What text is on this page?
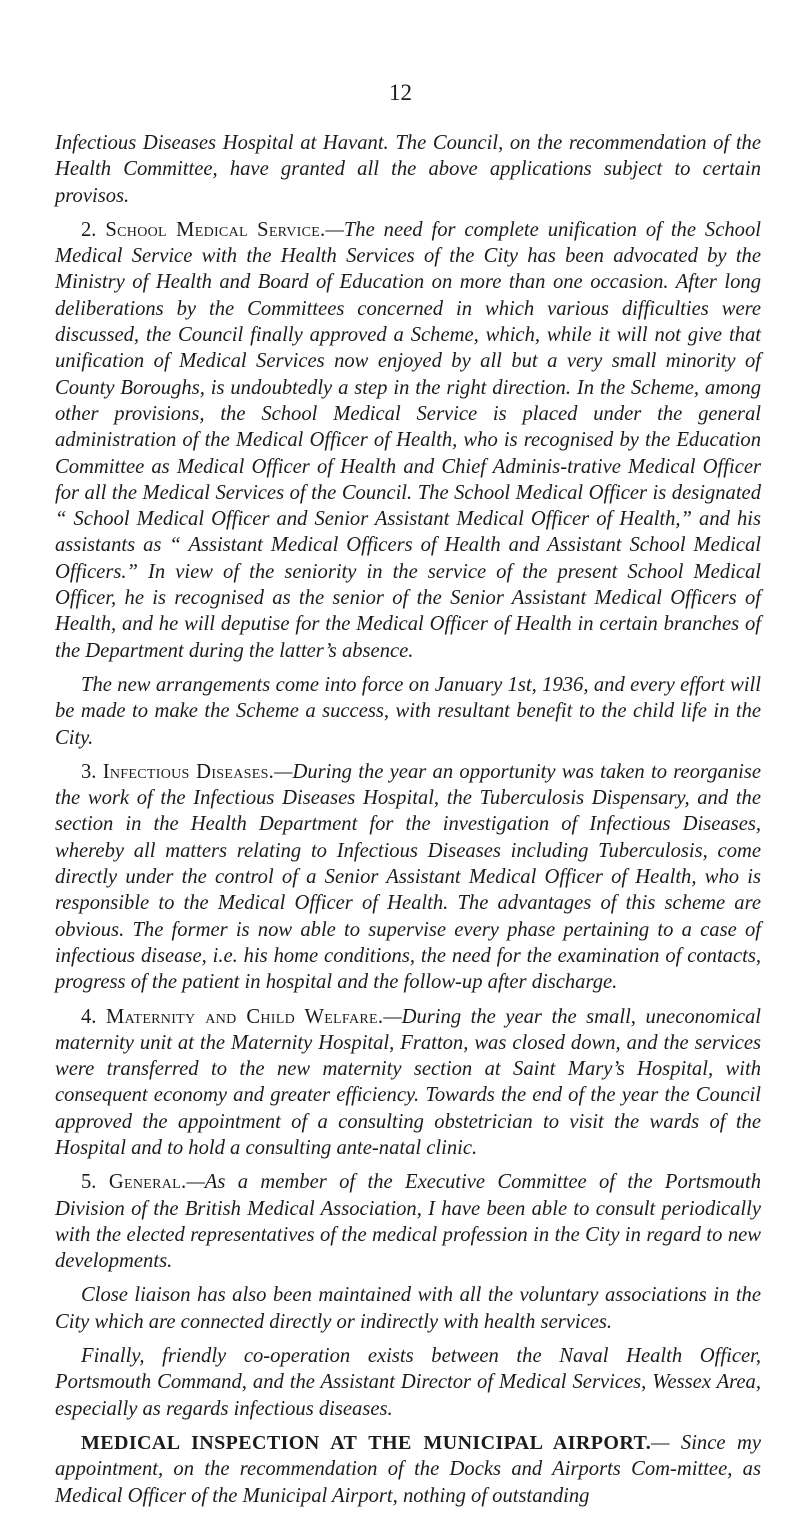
12

Infectious Diseases Hospital at Havant. The Council, on the recommendation of the Health Committee, have granted all the above applications subject to certain provisos.

2. School Medical Service.—The need for complete unification of the School Medical Service with the Health Services of the City has been advocated by the Ministry of Health and Board of Education on more than one occasion. After long deliberations by the Committees concerned in which various difficulties were discussed, the Council finally approved a Scheme, which, while it will not give that unification of Medical Services now enjoyed by all but a very small minority of County Boroughs, is undoubtedly a step in the right direction. In the Scheme, among other provisions, the School Medical Service is placed under the general administration of the Medical Officer of Health, who is recognised by the Education Committee as Medical Officer of Health and Chief Adminis-trative Medical Officer for all the Medical Services of the Council. The School Medical Officer is designated “ School Medical Officer and Senior Assistant Medical Officer of Health,” and his assistants as “ Assistant Medical Officers of Health and Assistant School Medical Officers.” In view of the seniority in the service of the present School Medical Officer, he is recognised as the senior of the Senior Assistant Medical Officers of Health, and he will deputise for the Medical Officer of Health in certain branches of the Department during the latter’s absence.

The new arrangements come into force on January 1st, 1936, and every effort will be made to make the Scheme a success, with resultant benefit to the child life in the City.

3. Infectious Diseases.—During the year an opportunity was taken to reorganise the work of the Infectious Diseases Hospital, the Tuberculosis Dispensary, and the section in the Health Department for the investigation of Infectious Diseases, whereby all matters relating to Infectious Diseases including Tuberculosis, come directly under the control of a Senior Assistant Medical Officer of Health, who is responsible to the Medical Officer of Health. The advantages of this scheme are obvious. The former is now able to supervise every phase pertaining to a case of infectious disease, i.e. his home conditions, the need for the examination of contacts, progress of the patient in hospital and the follow-up after discharge.

4. Maternity and Child Welfare.—During the year the small, uneconomical maternity unit at the Maternity Hospital, Fratton, was closed down, and the services were transferred to the new maternity section at Saint Mary’s Hospital, with consequent economy and greater efficiency. Towards the end of the year the Council approved the appointment of a consulting obstetrician to visit the wards of the Hospital and to hold a consulting ante-natal clinic.

5. General.—As a member of the Executive Committee of the Portsmouth Division of the British Medical Association, I have been able to consult periodically with the elected representatives of the medical profession in the City in regard to new developments.

Close liaison has also been maintained with all the voluntary associations in the City which are connected directly or indirectly with health services.

Finally, friendly co-operation exists between the Naval Health Officer, Portsmouth Command, and the Assistant Director of Medical Services, Wessex Area, especially as regards infectious diseases.

MEDICAL INSPECTION AT THE MUNICIPAL AIRPORT.— Since my appointment, on the recommendation of the Docks and Airports Com-mittee, as Medical Officer of the Municipal Airport, nothing of outstanding
